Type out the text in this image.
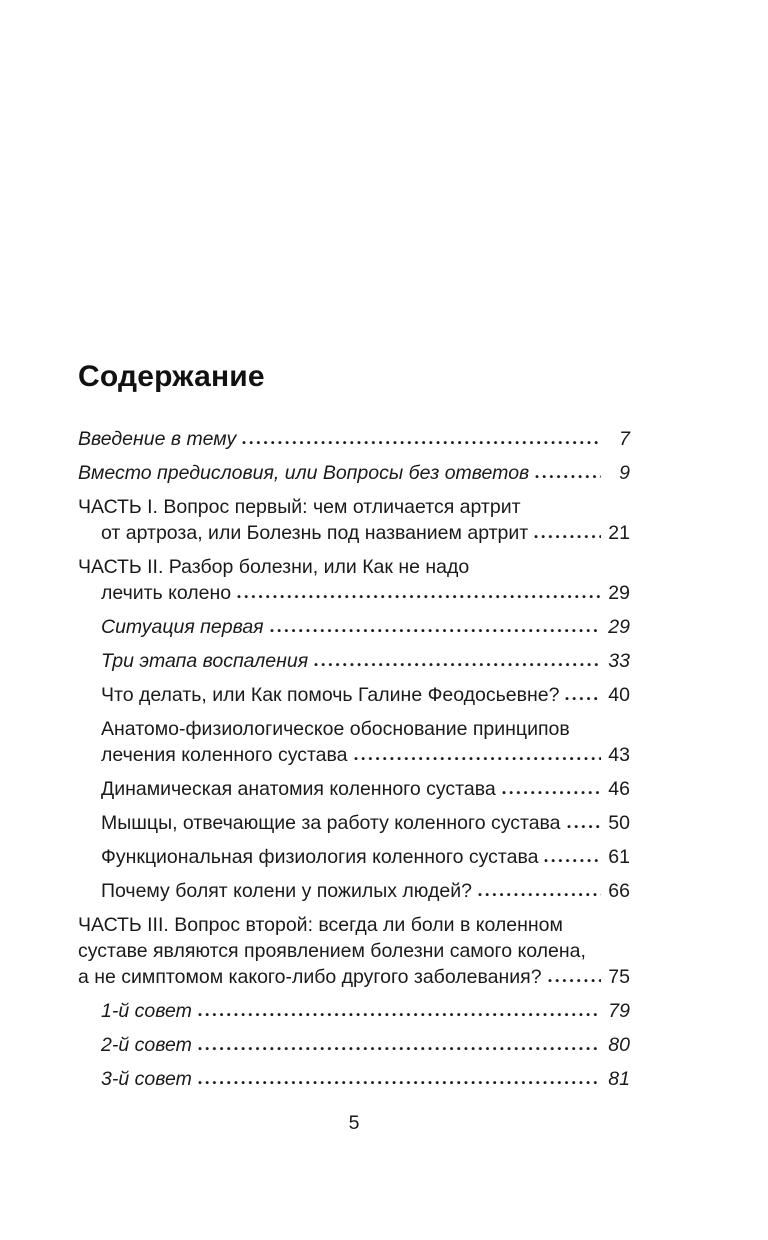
Содержание
Введение в тему	7
Вместо предисловия, или Вопросы без ответов	9
ЧАСТЬ I. Вопрос первый: чем отличается артрит
от артроза, или Болезнь под названием артрит	21
ЧАСТЬ II. Разбор болезни, или Как не надо
лечить колено	29
Ситуация первая	29
Три этапа воспаления	33
Что делать, или Как помочь Галине Феодосьевне?	40
Анатомо-физиологическое обоснование принципов
лечения коленного сустава	43
Динамическая анатомия коленного сустава	46
Мышцы, отвечающие за работу коленного сустава 50
Функциональная физиология коленного сустава	61
Почему болят колени у пожилых людей?	66
ЧАСТЬ III. Вопрос второй: всегда ли боли в коленном
суставе являются проявлением болезни самого колена,
а не симптомом какого-либо другого заболевания?	75
1-й совет	79
2-й совет	80
3-й совет	81
5
